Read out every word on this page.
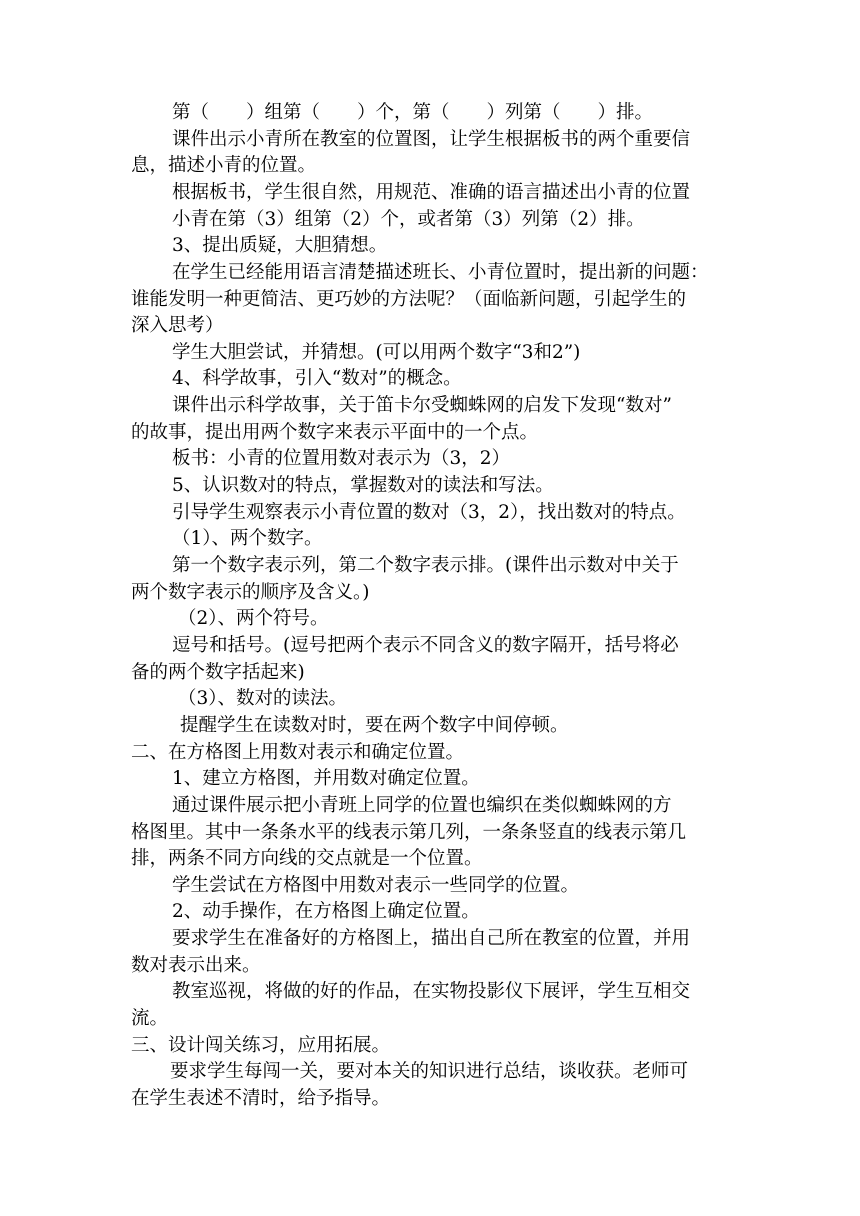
第（　　）组第（　　）个，第（　　）列第（　　）排。
课件出示小青所在教室的位置图，让学生根据板书的两个重要信
息，描述小青的位置。
根据板书，学生很自然，用规范、准确的语言描述出小青的位置
小青在第（3）组第（2）个，或者第（3）列第（2）排。
3、提出质疑，大胆猜想。
在学生已经能用语言清楚描述班长、小青位置时，提出新的问题：
谁能发明一种更简洁、更巧妙的方法呢？（面临新问题，引起学生的
深入思考）
学生大胆尝试，并猜想。(可以用两个数字“3和2”)
4、科学故事，引入“数对”的概念。
课件出示科学故事，关于笛卡尔受蜘蛛网的启发下发现“数对”
的故事，提出用两个数字来表示平面中的一个点。
板书：小青的位置用数对表示为（3，2）
5、认识数对的特点，掌握数对的读法和写法。
引导学生观察表示小青位置的数对（3，2），找出数对的特点。
（1）、两个数字。
第一个数字表示列，第二个数字表示排。(课件出示数对中关于
两个数字表示的顺序及含义。)
（2）、两个符号。
逗号和括号。(逗号把两个表示不同含义的数字隔开，括号将必
备的两个数字括起来)
（3）、数对的读法。
提醒学生在读数对时，要在两个数字中间停顿。
二、在方格图上用数对表示和确定位置。
1、建立方格图，并用数对确定位置。
通过课件展示把小青班上同学的位置也编织在类似蜘蛛网的方
格图里。其中一条条水平的线表示第几列，一条条竖直的线表示第几
排，两条不同方向线的交点就是一个位置。
学生尝试在方格图中用数对表示一些同学的位置。
2、动手操作，在方格图上确定位置。
要求学生在准备好的方格图上，描出自己所在教室的位置，并用
数对表示出来。
教室巡视，将做的好的作品，在实物投影仪下展评，学生互相交
流。
三、设计闯关练习，应用拓展。
要求学生每闯一关，要对本关的知识进行总结，谈收获。老师可
在学生表述不清时，给予指导。
